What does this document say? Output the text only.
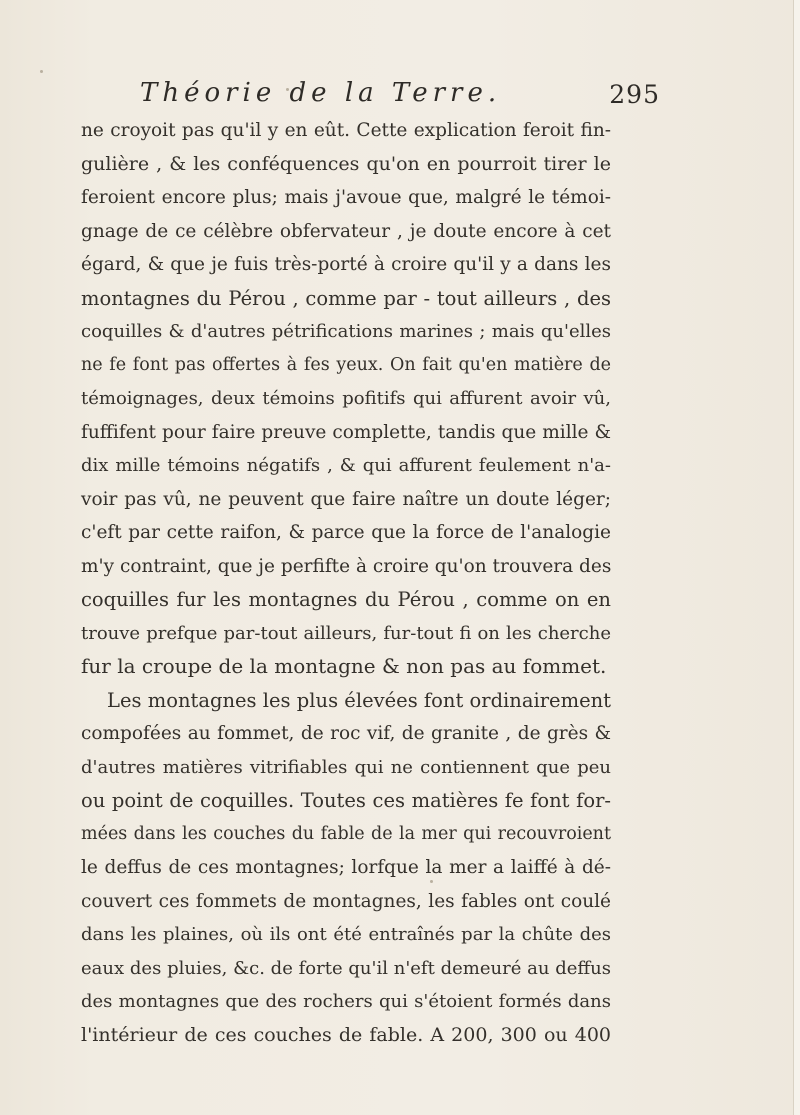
Théorie de la Terre.	295
ne croyoit pas qu'il y en eût. Cette explication feroit fin-
gulière , & les conféquences qu'on en pourroit tirer le
feroient encore plus; mais j'avoue que, malgré le témoi-
gnage de ce célèbre obfervateur , je doute encore à cet
égard, & que je fuis très-porté à croire qu'il y a dans les
montagnes du Pérou , comme par - tout ailleurs , des
coquilles & d'autres pétrifications marines ; mais qu'elles
ne fe font pas offertes à fes yeux. On fait qu'en matière de
témoignages, deux témoins pofitifs qui affurent avoir vû,
fuffifent pour faire preuve complette, tandis que mille &
dix mille témoins négatifs , & qui affurent feulement n'a-
voir pas vû, ne peuvent que faire naître un doute léger;
c'eft par cette raifon, & parce que la force de l'analogie
m'y contraint, que je perfifte à croire qu'on trouvera des
coquilles fur les montagnes du Pérou , comme on en
trouve prefque par-tout ailleurs, fur-tout fi on les cherche
fur la croupe de la montagne & non pas au fommet.
Les montagnes les plus élevées font ordinairement
compofées au fommet, de roc vif, de granite , de grès &
d'autres matières vitrifiables qui ne contiennent que peu
ou point de coquilles. Toutes ces matières fe font for-
mées dans les couches du fable de la mer qui recouvroient
le deffus de ces montagnes; lorfque la mer a laiffé à dé-
couvert ces fommets de montagnes, les fables ont coulé
dans les plaines, où ils ont été entraînés par la chûte des
eaux des pluies, &c. de forte qu'il n'eft demeuré au deffus
des montagnes que des rochers qui s'étoient formés dans
l'intérieur de ces couches de fable. A 200, 300 ou 400
